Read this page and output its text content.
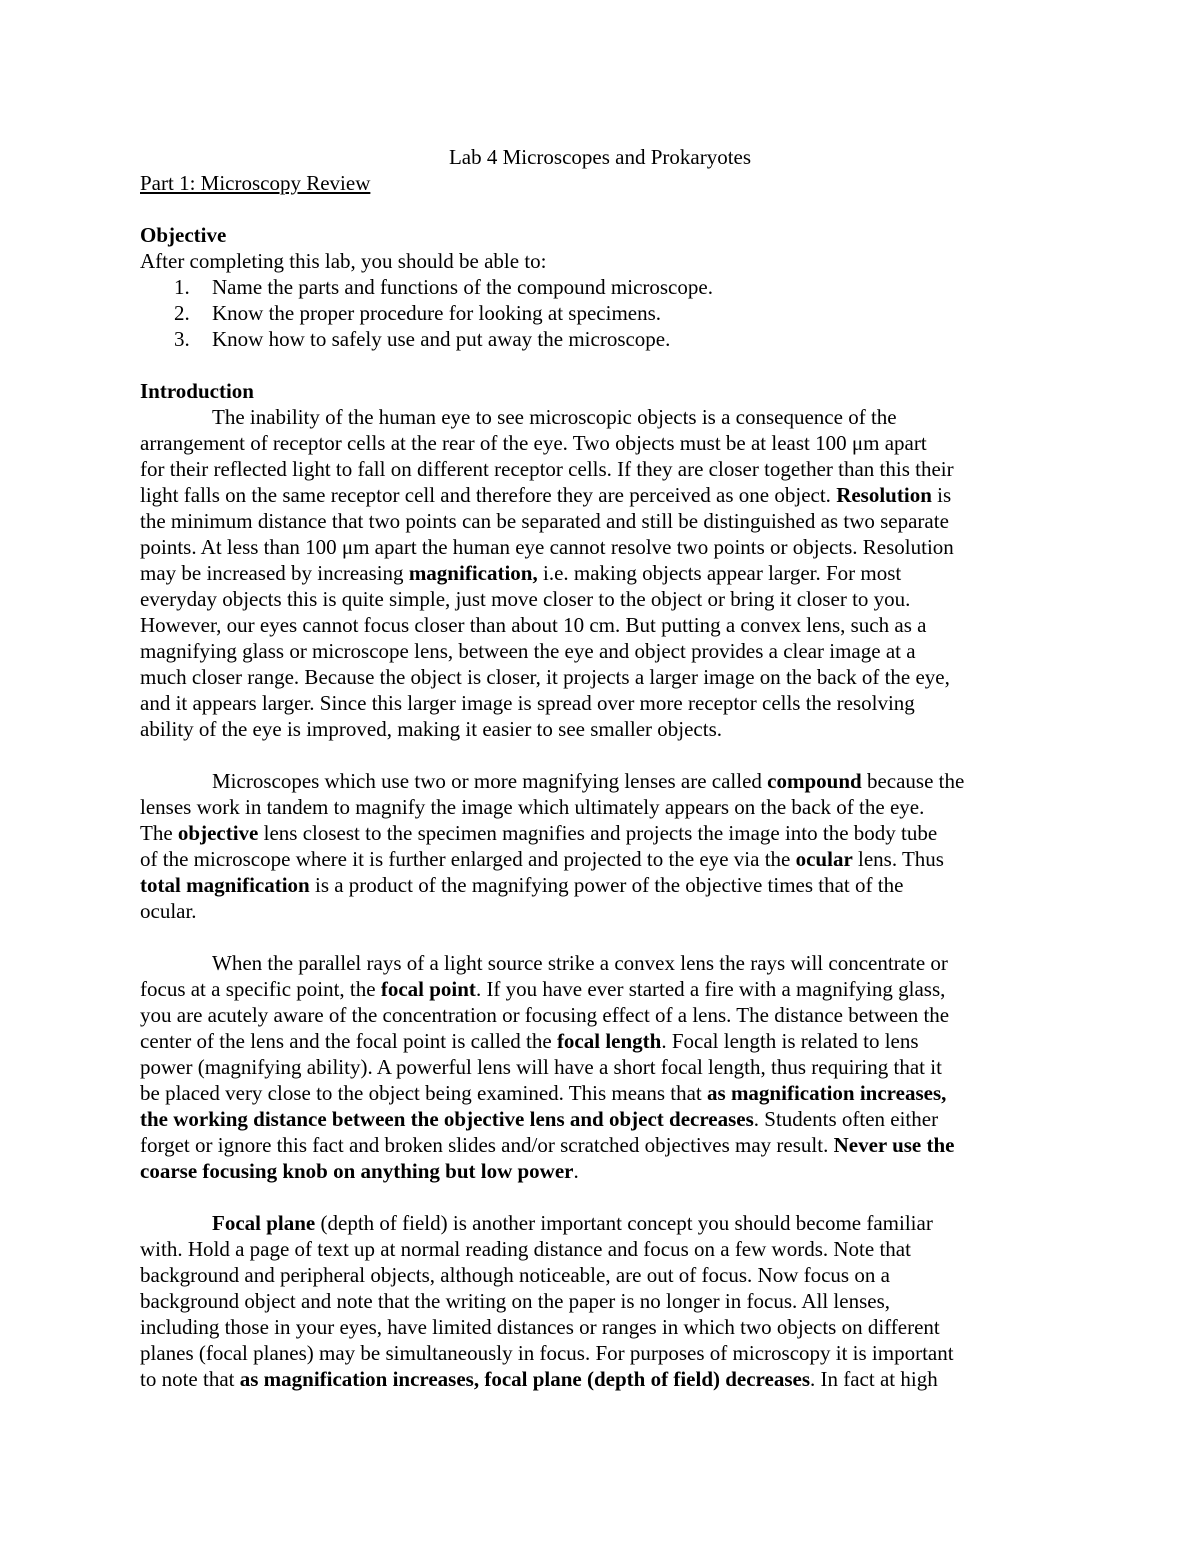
Lab 4 Microscopes and Prokaryotes
Part 1: Microscopy Review
Objective
After completing this lab, you should be able to:
1. Name the parts and functions of the compound microscope.
2. Know the proper procedure for looking at specimens.
3. Know how to safely use and put away the microscope.
Introduction

The inability of the human eye to see microscopic objects is a consequence of the

arrangement of receptor cells at the rear of the eye. Two objects must be at least 100 μm apart

for their reflected light to fall on different receptor cells. If they are closer together than this their

light falls on the same receptor cell and therefore they are perceived as one object. Resolution is

the minimum distance that two points can be separated and still be distinguished as two separate

points. At less than 100 μm apart the human eye cannot resolve two points or objects. Resolution

may be increased by increasing magnification, i.e. making objects appear larger. For most

everyday objects this is quite simple, just move closer to the object or bring it closer to you.

However, our eyes cannot focus closer than about 10 cm. But putting a convex lens, such as a

magnifying glass or microscope lens, between the eye and object provides a clear image at a

much closer range. Because the object is closer, it projects a larger image on the back of the eye,

and it appears larger. Since this larger image is spread over more receptor cells the resolving

ability of the eye is improved, making it easier to see smaller objects.

Microscopes which use two or more magnifying lenses are called compound because the

lenses work in tandem to magnify the image which ultimately appears on the back of the eye.

The objective lens closest to the specimen magnifies and projects the image into the body tube

of the microscope where it is further enlarged and projected to the eye via the ocular lens. Thus

total magnification is a product of the magnifying power of the objective times that of the

ocular.

When the parallel rays of a light source strike a convex lens the rays will concentrate or

focus at a specific point, the focal point. If you have ever started a fire with a magnifying glass,

you are acutely aware of the concentration or focusing effect of a lens. The distance between the

center of the lens and the focal point is called the focal length. Focal length is related to lens

power (magnifying ability). A powerful lens will have a short focal length, thus requiring that it

be placed very close to the object being examined. This means that as magnification increases,

the working distance between the objective lens and object decreases. Students often either

forget or ignore this fact and broken slides and/or scratched objectives may result. Never use the

coarse focusing knob on anything but low power.

Focal plane (depth of field) is another important concept you should become familiar

with. Hold a page of text up at normal reading distance and focus on a few words. Note that

background and peripheral objects, although noticeable, are out of focus. Now focus on a

background object and note that the writing on the paper is no longer in focus. All lenses,

including those in your eyes, have limited distances or ranges in which two objects on different

planes (focal planes) may be simultaneously in focus. For purposes of microscopy it is important

to note that as magnification increases, focal plane (depth of field) decreases. In fact at high
